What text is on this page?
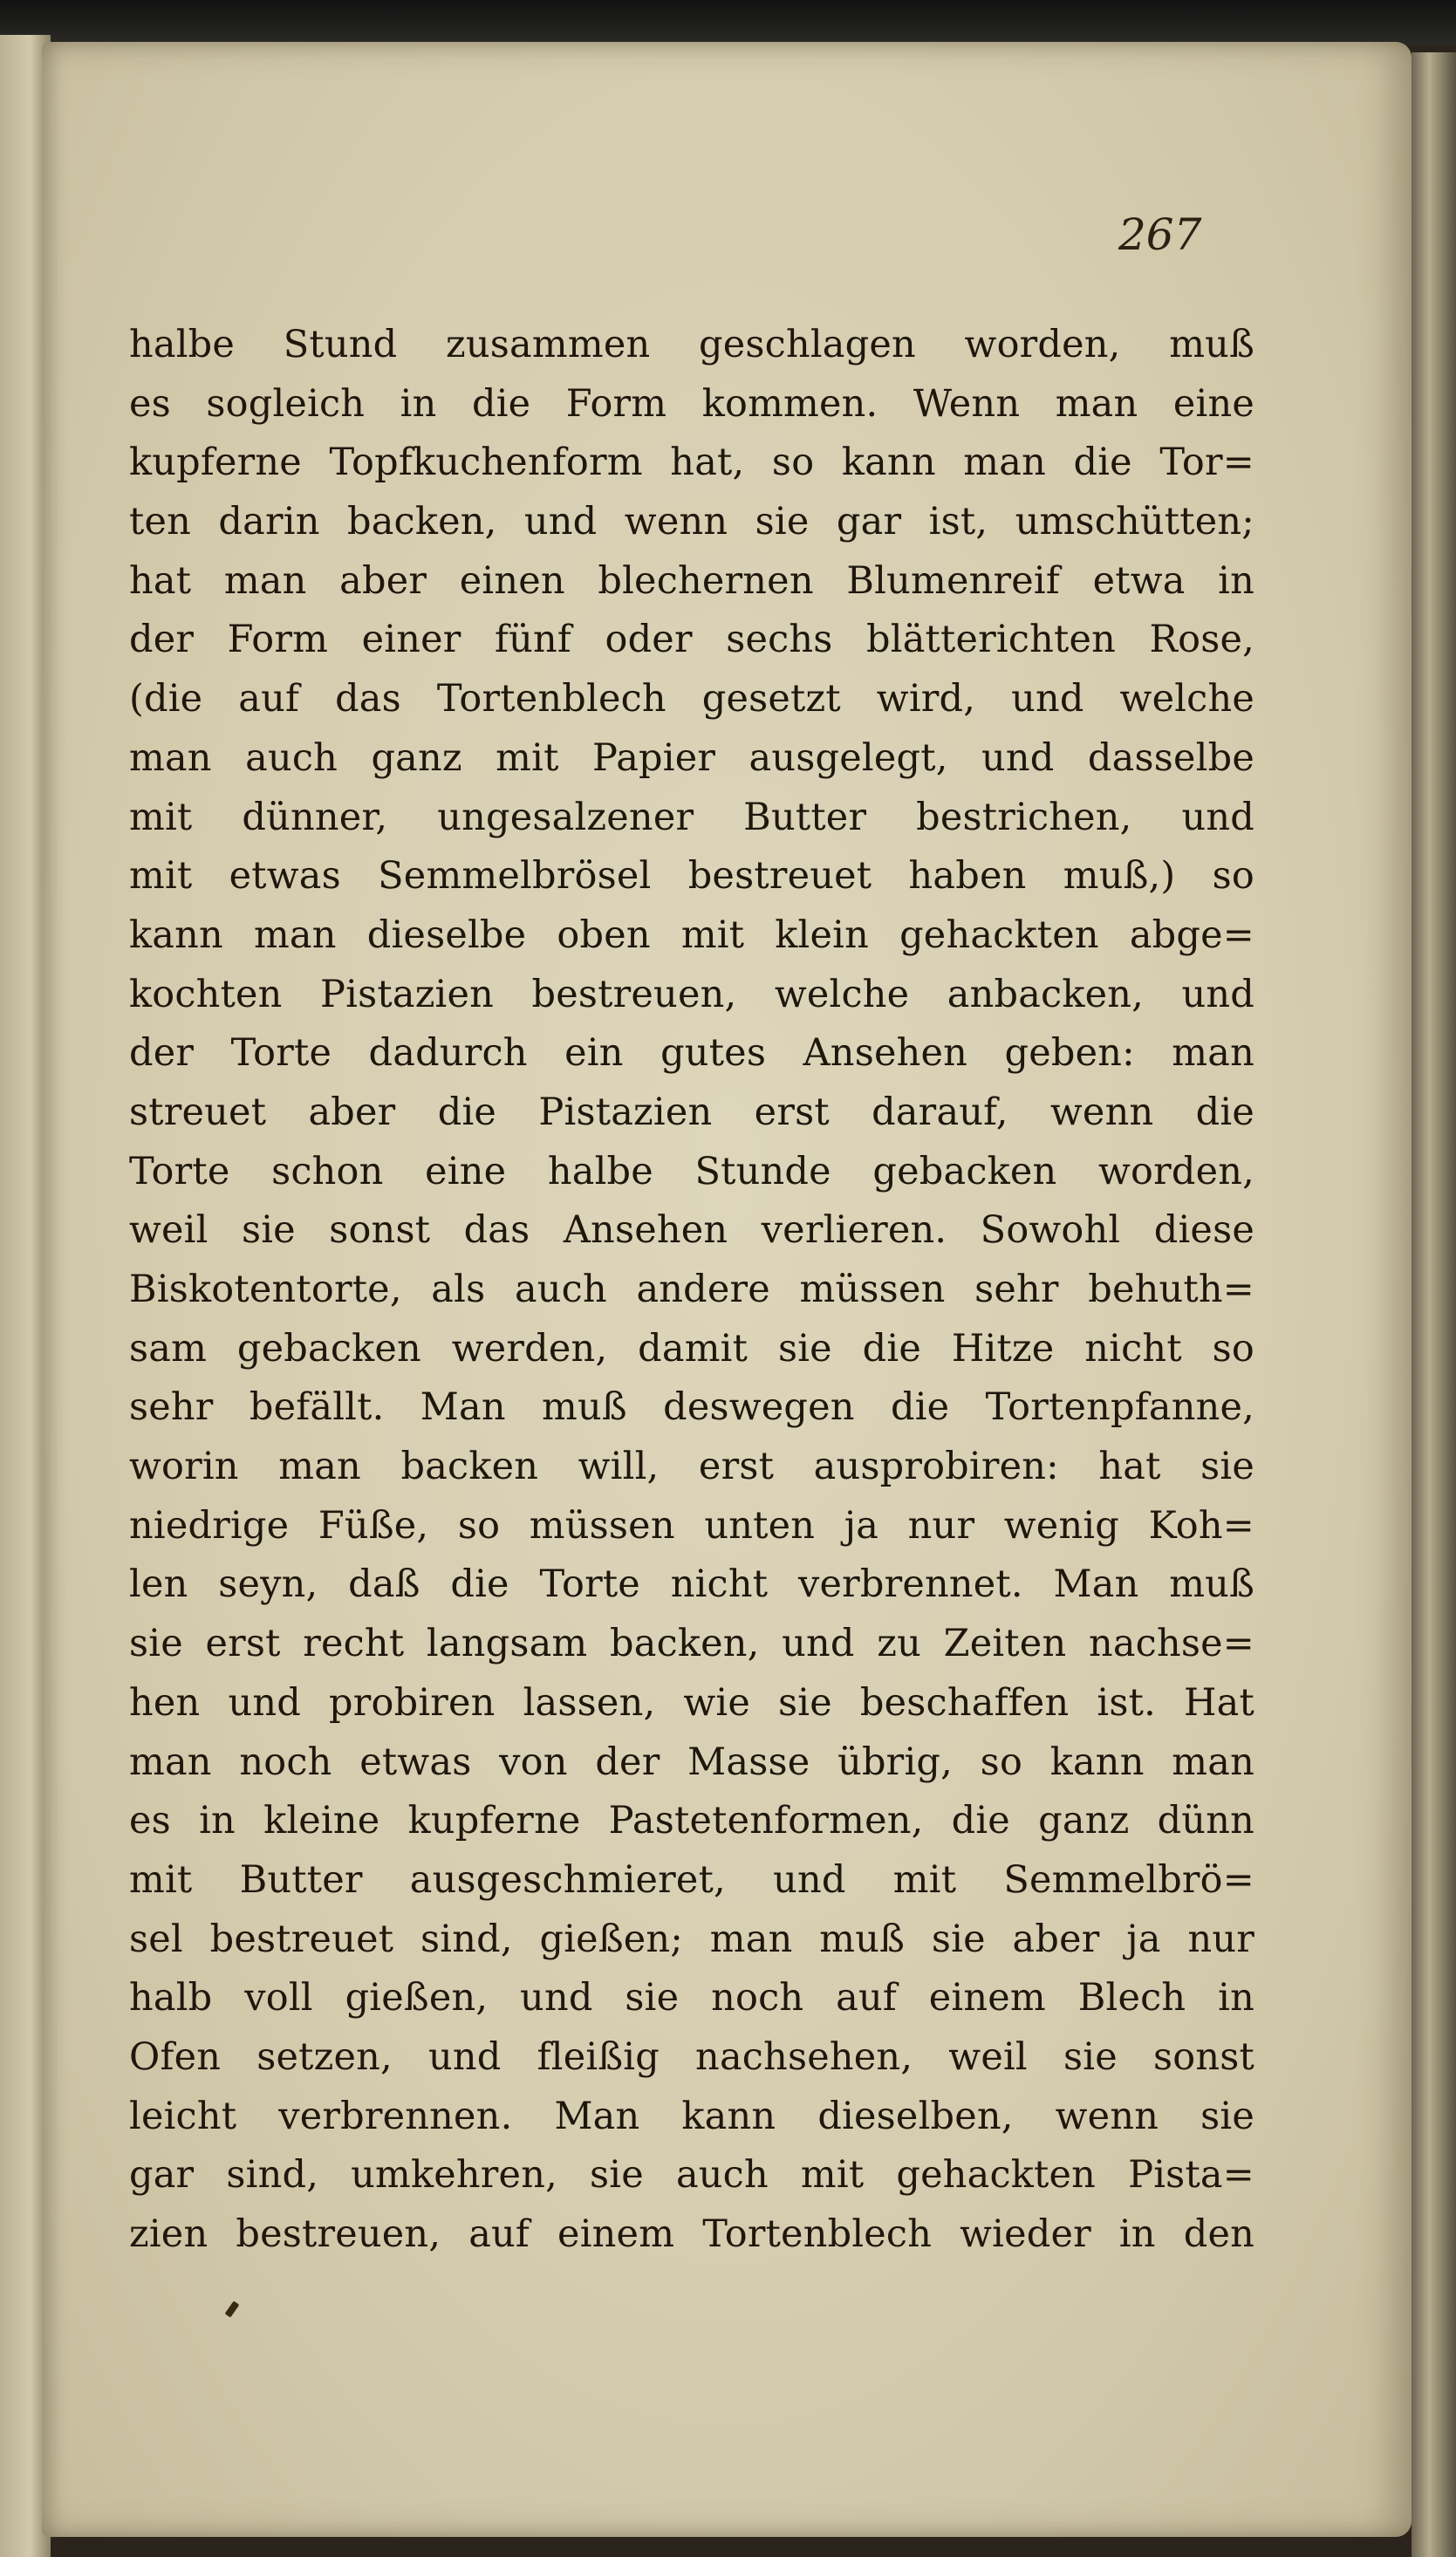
267
halbe Stund zusammen geschlagen worden, muß
es sogleich in die Form kommen. Wenn man eine
kupferne Topfkuchenform hat, so kann man die Tor=
ten darin backen, und wenn sie gar ist, umschütten;
hat man aber einen blechernen Blumenreif etwa in
der Form einer fünf oder sechs blätterichten Rose,
(die auf das Tortenblech gesetzt wird, und welche
man auch ganz mit Papier ausgelegt, und dasselbe
mit dünner, ungesalzener Butter bestrichen, und
mit etwas Semmelbrösel bestreuet haben muß,) so
kann man dieselbe oben mit klein gehackten abge=
kochten Pistazien bestreuen, welche anbacken, und
der Torte dadurch ein gutes Ansehen geben: man
streuet aber die Pistazien erst darauf, wenn die
Torte schon eine halbe Stunde gebacken worden,
weil sie sonst das Ansehen verlieren. Sowohl diese
Biskotentorte, als auch andere müssen sehr behuth=
sam gebacken werden, damit sie die Hitze nicht so
sehr befällt. Man muß deswegen die Tortenpfanne,
worin man backen will, erst ausprobiren: hat sie
niedrige Füße, so müssen unten ja nur wenig Koh=
len seyn, daß die Torte nicht verbrennet. Man muß
sie erst recht langsam backen, und zu Zeiten nachse=
hen und probiren lassen, wie sie beschaffen ist. Hat
man noch etwas von der Masse übrig, so kann man
es in kleine kupferne Pastetenformen, die ganz dünn
mit Butter ausgeschmieret, und mit Semmelbrö=
sel bestreuet sind, gießen; man muß sie aber ja nur
halb voll gießen, und sie noch auf einem Blech in
Ofen setzen, und fleißig nachsehen, weil sie sonst
leicht verbrennen. Man kann dieselben, wenn sie
gar sind, umkehren, sie auch mit gehackten Pista=
zien bestreuen, auf einem Tortenblech wieder in den
